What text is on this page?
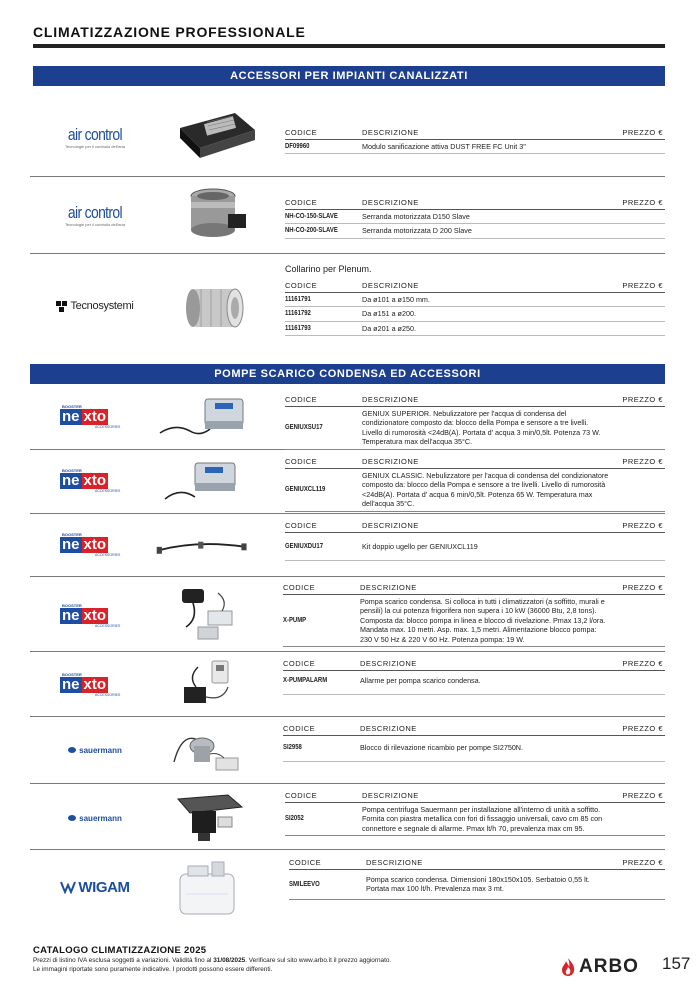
CLIMATIZZAZIONE PROFESSIONALE
ACCESSORI PER IMPIANTI CANALIZZATI
air control
Tecnologie per il controllo dell'aria
CODICE	DESCRIZIONE	PREZZO €
DF09960	Modulo sanificazione attiva DUST FREE FC Unit 3"
air control
Tecnologie per il controllo dell'aria
CODICE	DESCRIZIONE	PREZZO €
NH-CO-150-SLAVE	Serranda motorizzata D150 Slave
NH-CO-200-SLAVE	Serranda motorizzata D 200 Slave
Tecnosystemi
Collarino per Plenum.
CODICE	DESCRIZIONE	PREZZO €
11161791	Da ø101 a ø150 mm.
11161792	Da ø151 a ø200.
11161793	Da ø201 a ø250.
POMPE SCARICO CONDENSA ED ACCESSORI
BOOSTER
ne xto
ACCESSORIES
CODICE	DESCRIZIONE	PREZZO €
GENIUXSU17
GENIUX SUPERIOR. Nebulizzatore per l'acqua di condensa del condizionatore composto da: blocco della Pompa e sensore a tre livelli. Livello di rumorosità <24dB(A). Portata d' acqua 3 min/0,5lt. Potenza 73 W. Temperatura max dell'acqua 35°C.
BOOSTER
ne xto
ACCESSORIES
CODICE	DESCRIZIONE	PREZZO €
GENIUXCL119
GENIUX CLASSIC. Nebulizzatore per l'acqua di condensa del condizionatore composto da: blocco della Pompa e sensore a tre livelli. Livello di rumorosità <24dB(A). Portata d' acqua 6 min/0,5lt. Potenza 65 W. Temperatura max dell'acqua 35°C.
BOOSTER
ne xto
ACCESSORIES
CODICE	DESCRIZIONE	PREZZO €
GENIUXDU17	Kit doppio ugello per GENIUXCL119
BOOSTER
ne xto
ACCESSORIES
CODICE	DESCRIZIONE	PREZZO €
X-PUMP
Pompa scarico condensa. Si colloca in tutti i climatizzatori (a soffitto, murali e pensili) la cui potenza frigorifera non supera i 10 kW (36000 Btu, 2,8 tons). Composta da: blocco pompa in linea e blocco di rivelazione. Pmax 13,2 l/ora. Mandata max. 10 metri. Asp. max. 1,5 metri. Alimentazione blocco pompa: 230 V 50 Hz & 220 V 60 Hz. Potenza pompa: 19 W.
BOOSTER
ne xto
ACCESSORIES
CODICE	DESCRIZIONE	PREZZO €
X-PUMPALARM	Allarme per pompa scarico condensa.
sauermann
CODICE	DESCRIZIONE	PREZZO €
SI2958	Blocco di rilevazione ricambio per pompe SI2750N.
sauermann
CODICE	DESCRIZIONE	PREZZO €
SI2052
Pompa centrifuga Sauermann per installazione all'interno di unità a soffitto. Fornita con piastra metallica con fori di fissaggio universali, cavo cm 85 con connettore e segnale di allarme. Pmax lt/h 70, prevalenza max cm 95.
WIGAM
CODICE	DESCRIZIONE	PREZZO €
SMILEEVO
Pompa scarico condensa. Dimensioni 180x150x105. Serbatoio 0,55 lt. Portata max 100 lt/h. Prevalenza max 3 mt.
CATALOGO CLIMATIZZAZIONE 2025
Prezzi di listino IVA esclusa soggetti a variazioni. Validità fino al 31/08/2025. Verificare sul sito www.arbo.it il prezzo aggiornato.
Le immagini riportate sono puramente indicative. I prodotti possono essere differenti.	ARBO 157
